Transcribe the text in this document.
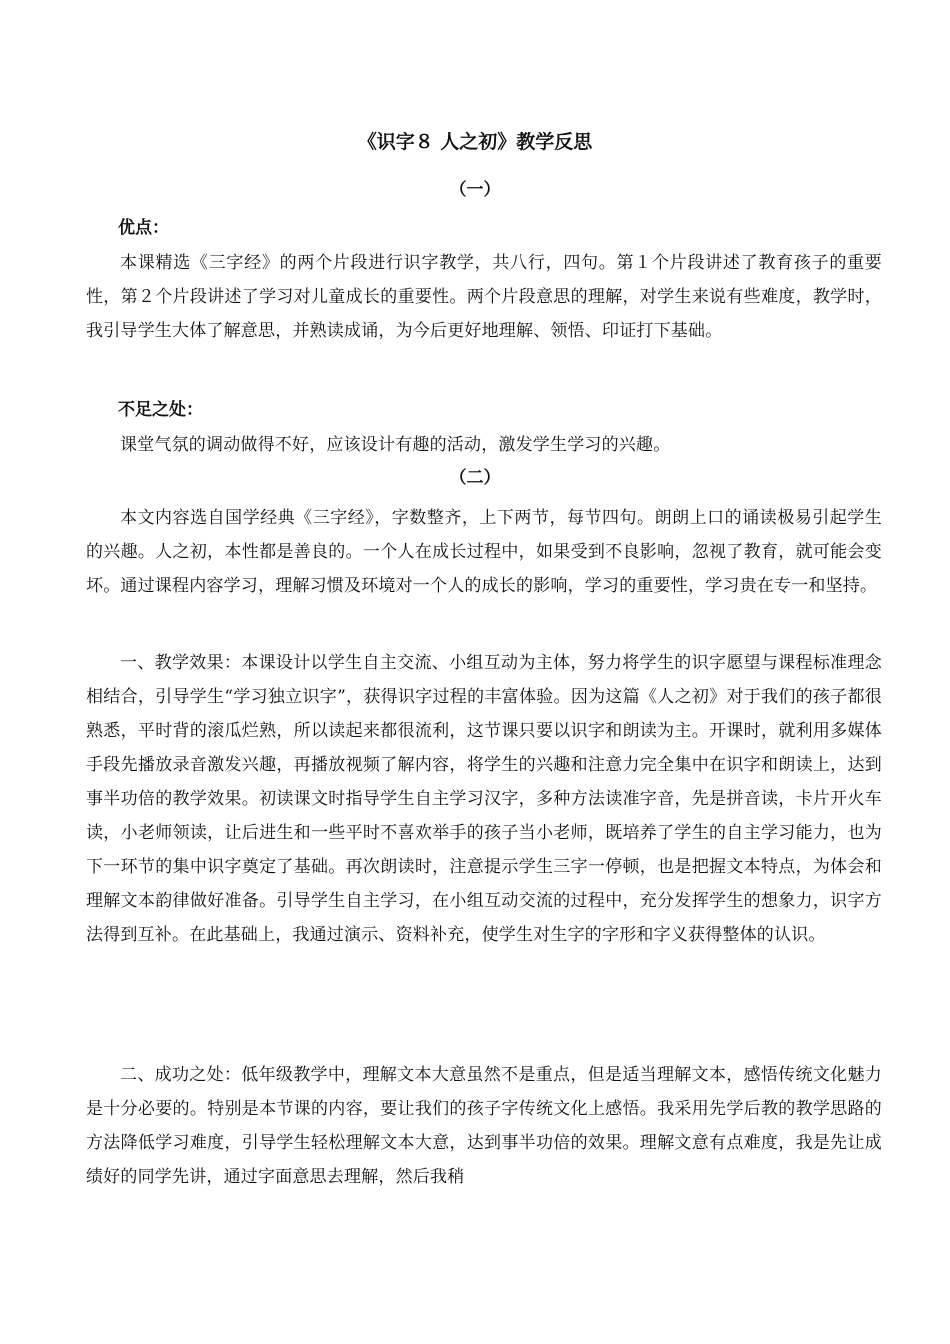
《识字８ 人之初》教学反思
（一）
优点：
本课精选《三字经》的两个片段进行识字教学，共八行，四句。第１个片段讲述了教育孩子的重要性，第２个片段讲述了学习对儿童成长的重要性。两个片段意思的理解，对学生来说有些难度，教学时，我引导学生大体了解意思，并熟读成诵，为今后更好地理解、领悟、印证打下基础。
不足之处：
课堂气氛的调动做得不好，应该设计有趣的活动，激发学生学习的兴趣。
（二）
本文内容选自国学经典《三字经》，字数整齐，上下两节，每节四句。朗朗上口的诵读极易引起学生的兴趣。人之初，本性都是善良的。一个人在成长过程中，如果受到不良影响，忽视了教育，就可能会变坏。通过课程内容学习，理解习惯及环境对一个人的成长的影响，学习的重要性，学习贵在专一和坚持。
一、教学效果：本课设计以学生自主交流、小组互动为主体，努力将学生的识字愿望与课程标准理念相结合，引导学生“学习独立识字”，获得识字过程的丰富体验。因为这篇《人之初》对于我们的孩子都很熟悉，平时背的滚瓜烂熟，所以读起来都很流利，这节课只要以识字和朗读为主。开课时，就利用多媒体手段先播放录音激发兴趣，再播放视频了解内容，将学生的兴趣和注意力完全集中在识字和朗读上，达到事半功倍的教学效果。初读课文时指导学生自主学习汉字，多种方法读准字音，先是拼音读，卡片开火车读，小老师领读，让后进生和一些平时不喜欢举手的孩子当小老师，既培养了学生的自主学习能力，也为下一环节的集中识字奠定了基础。再次朗读时，注意提示学生三字一停顿，也是把握文本特点，为体会和理解文本韵律做好准备。引导学生自主学习，在小组互动交流的过程中，充分发挥学生的想象力，识字方法得到互补。在此基础上，我通过演示、资料补充，使学生对生字的字形和字义获得整体的认识。
二、成功之处：低年级教学中，理解文本大意虽然不是重点，但是适当理解文本，感悟传统文化魅力是十分必要的。特别是本节课的内容，要让我们的孩子字传统文化上感悟。我采用先学后教的教学思路的方法降低学习难度，引导学生轻松理解文本大意，达到事半功倍的效果。理解文意有点难度，我是先让成绩好的同学先讲，通过字面意思去理解，然后我稍
